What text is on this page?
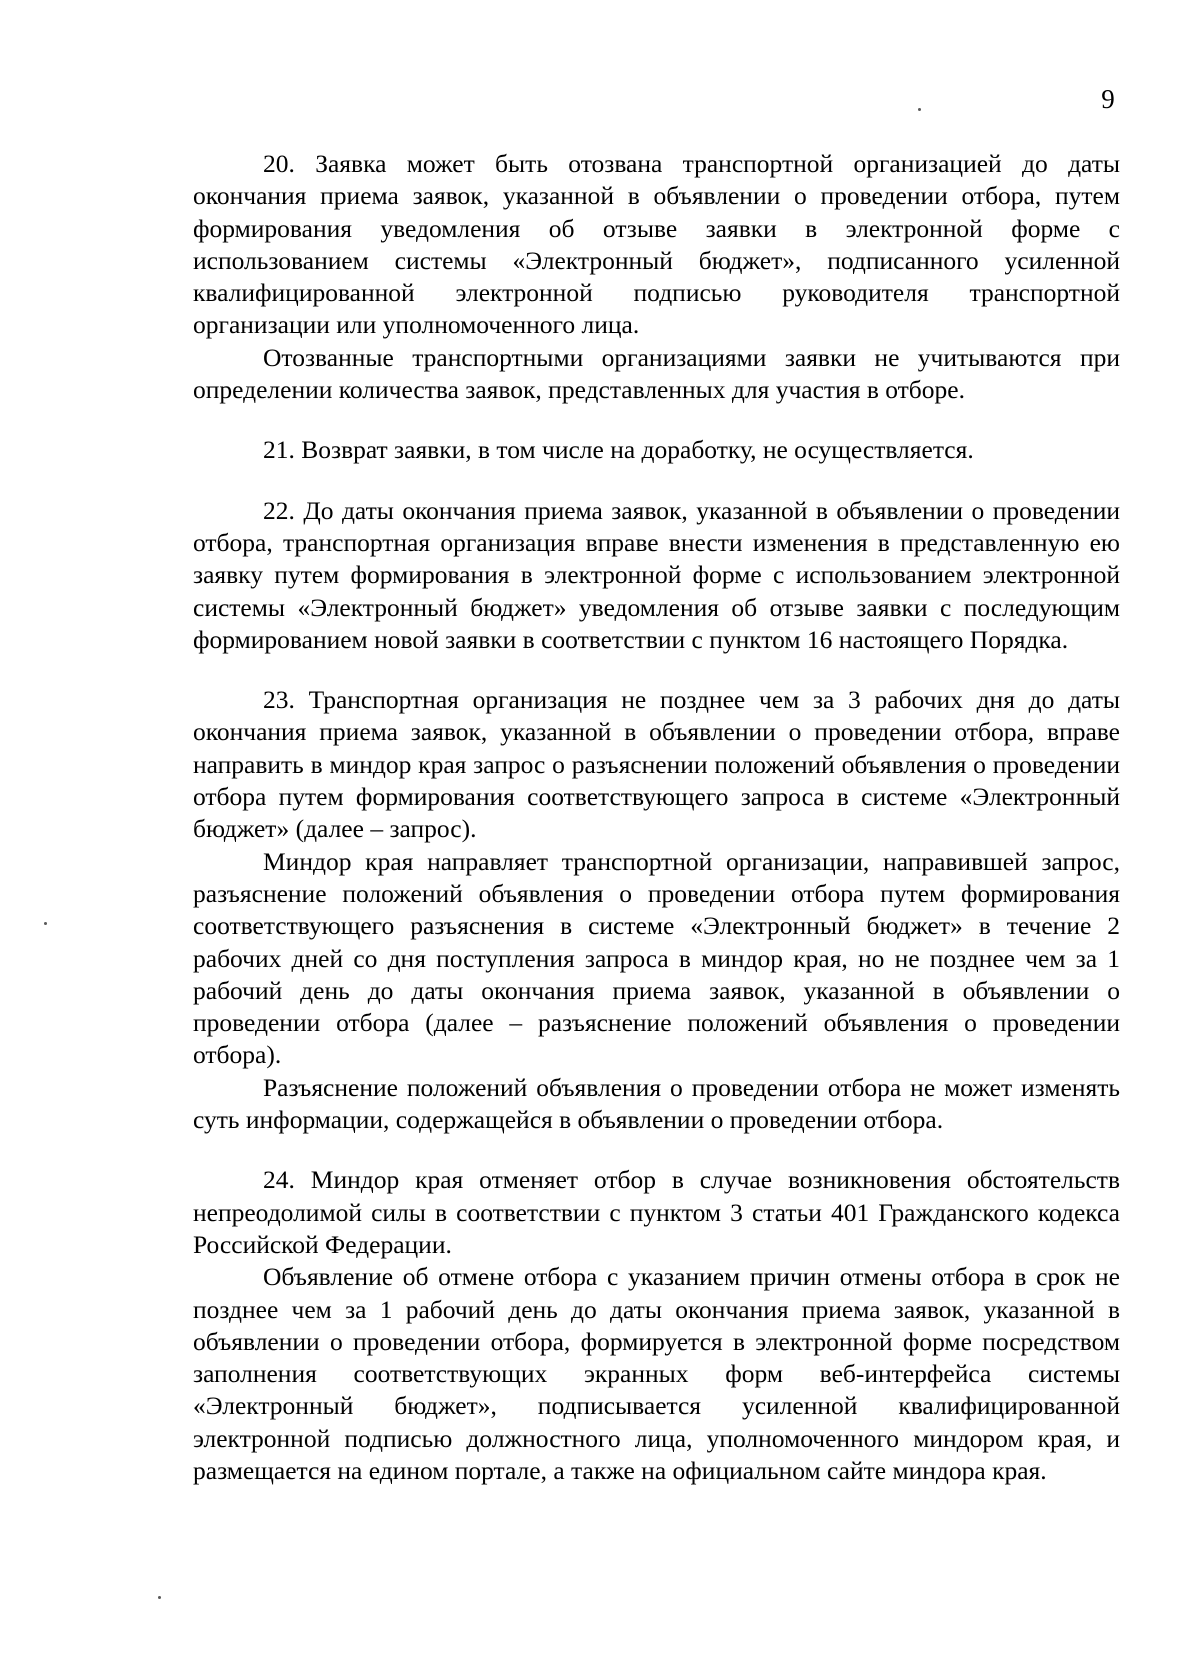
9

20. Заявка может быть отозвана транспортной организацией до даты окончания приема заявок, указанной в объявлении о проведении отбора, путем формирования уведомления об отзыве заявки в электронной форме с использованием системы «Электронный бюджет», подписанного усиленной квалифицированной электронной подписью руководителя транспортной организации или уполномоченного лица.

Отозванные транспортными организациями заявки не учитываются при определении количества заявок, представленных для участия в отборе.

21. Возврат заявки, в том числе на доработку, не осуществляется.

22. До даты окончания приема заявок, указанной в объявлении о проведении отбора, транспортная организация вправе внести изменения в представленную ею заявку путем формирования в электронной форме с использованием электронной системы «Электронный бюджет» уведомления об отзыве заявки с последующим формированием новой заявки в соответствии с пунктом 16 настоящего Порядка.

23. Транспортная организация не позднее чем за 3 рабочих дня до даты окончания приема заявок, указанной в объявлении о проведении отбора, вправе направить в миндор края запрос о разъяснении положений объявления о проведении отбора путем формирования соответствующего запроса в системе «Электронный бюджет» (далее – запрос).

Миндор края направляет транспортной организации, направившей запрос, разъяснение положений объявления о проведении отбора путем формирования соответствующего разъяснения в системе «Электронный бюджет» в течение 2 рабочих дней со дня поступления запроса в миндор края, но не позднее чем за 1 рабочий день до даты окончания приема заявок, указанной в объявлении о проведении отбора (далее – разъяснение положений объявления о проведении отбора).

Разъяснение положений объявления о проведении отбора не может изменять суть информации, содержащейся в объявлении о проведении отбора.

24. Миндор края отменяет отбор в случае возникновения обстоятельств непреодолимой силы в соответствии с пунктом 3 статьи 401 Гражданского кодекса Российской Федерации.

Объявление об отмене отбора с указанием причин отмены отбора в срок не позднее чем за 1 рабочий день до даты окончания приема заявок, указанной в объявлении о проведении отбора, формируется в электронной форме посредством заполнения соответствующих экранных форм веб-интерфейса системы «Электронный бюджет», подписывается усиленной квалифицированной электронной подписью должностного лица, уполномоченного миндором края, и размещается на едином портале, а также на официальном сайте миндора края.
